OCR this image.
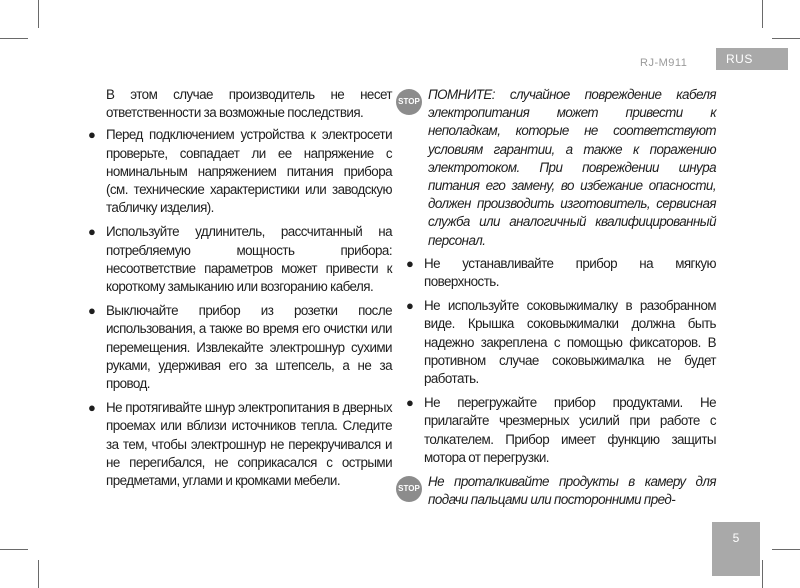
RJ-M911	RUS

В этом случае производитель не несет ответственности за возможные последствия.

● Перед подключением устройства к электросети проверьте, совпадает ли ее напряжение с номинальным напряжением питания прибора (см. технические характеристики или заводскую табличку изделия).
● Используйте удлинитель, рассчитанный на потребляемую мощность прибора: несоответствие параметров может привести к короткому замыканию или возгоранию кабеля.
● Выключайте прибор из розетки после использования, а также во время его очистки или перемещения. Извлекайте электрошнур сухими руками, удерживая его за штепсель, а не за провод.
● Не протягивайте шнур электропитания в дверных проемах или вблизи источников тепла. Следите за тем, чтобы электрошнур не перекручивался и не перегибался, не соприкасался с острыми предметами, углами и кромками мебели.
STOP ПОМНИТЕ: случайное повреждение кабеля электропитания может привести к неполадкам, которые не соответствуют условиям гарантии, а также к поражению электротоком. При повреждении шнура питания его замену, во избежание опасности, должен производить изготовитель, сервисная служба или аналогичный квалифицированный персонал.
● Не устанавливайте прибор на мягкую поверхность.
● Не используйте соковыжималку в разобранном виде. Крышка соковыжималки должна быть надежно закреплена с помощью фиксаторов. В противном случае соковыжималка не будет работать.
● Не перегружайте прибор продуктами. Не прилагайте чрезмерных усилий при работе с толкателем. Прибор имеет функцию защиты мотора от перегрузки.
STOP Не проталкивайте продукты в камеру для подачи пальцами или посторонними пред-
5
